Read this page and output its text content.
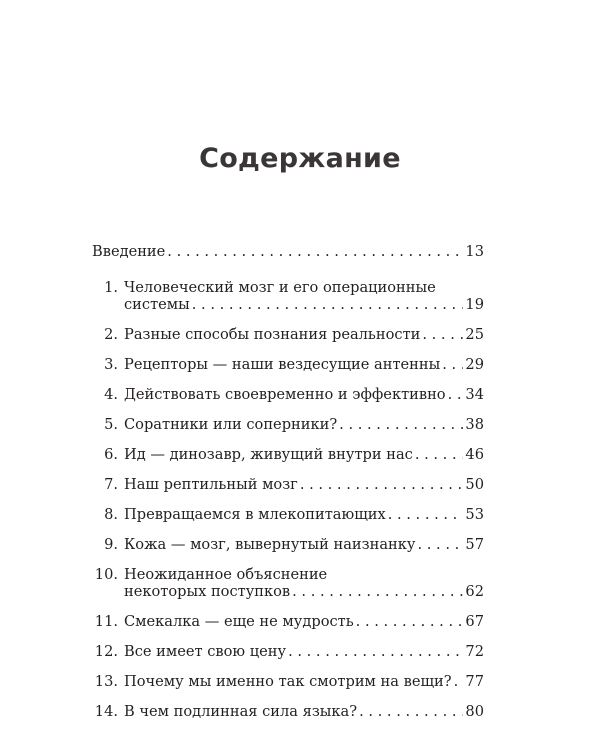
Содержание
Введение . . .	13
1. Человеческий мозг и его операционные
системы . . .	19
2. Разные способы познания реальности . . .	25
3. Рецепторы — наши вездесущие антенны . . . 29
4. Действовать своевременно и эффективно . . . 34
5. Соратники или соперники? . . .	38
6. Ид — динозавр, живущий внутри нас . . .	46
7. Наш рептильный мозг . . .	50
8. Превращаемся в млекопитающих . . .	53
9. Кожа — мозг, вывернутый наизнанку . . .	57
10. Неожиданное объяснение
некоторых поступков . . .	62
11. Смекалка — еще не мудрость . . .	67
12. Все имеет свою цену . . .	72
13. Почему мы именно так смотрим на вещи? . . . 77
14. В чем подлинная сила языка? . . .	80
